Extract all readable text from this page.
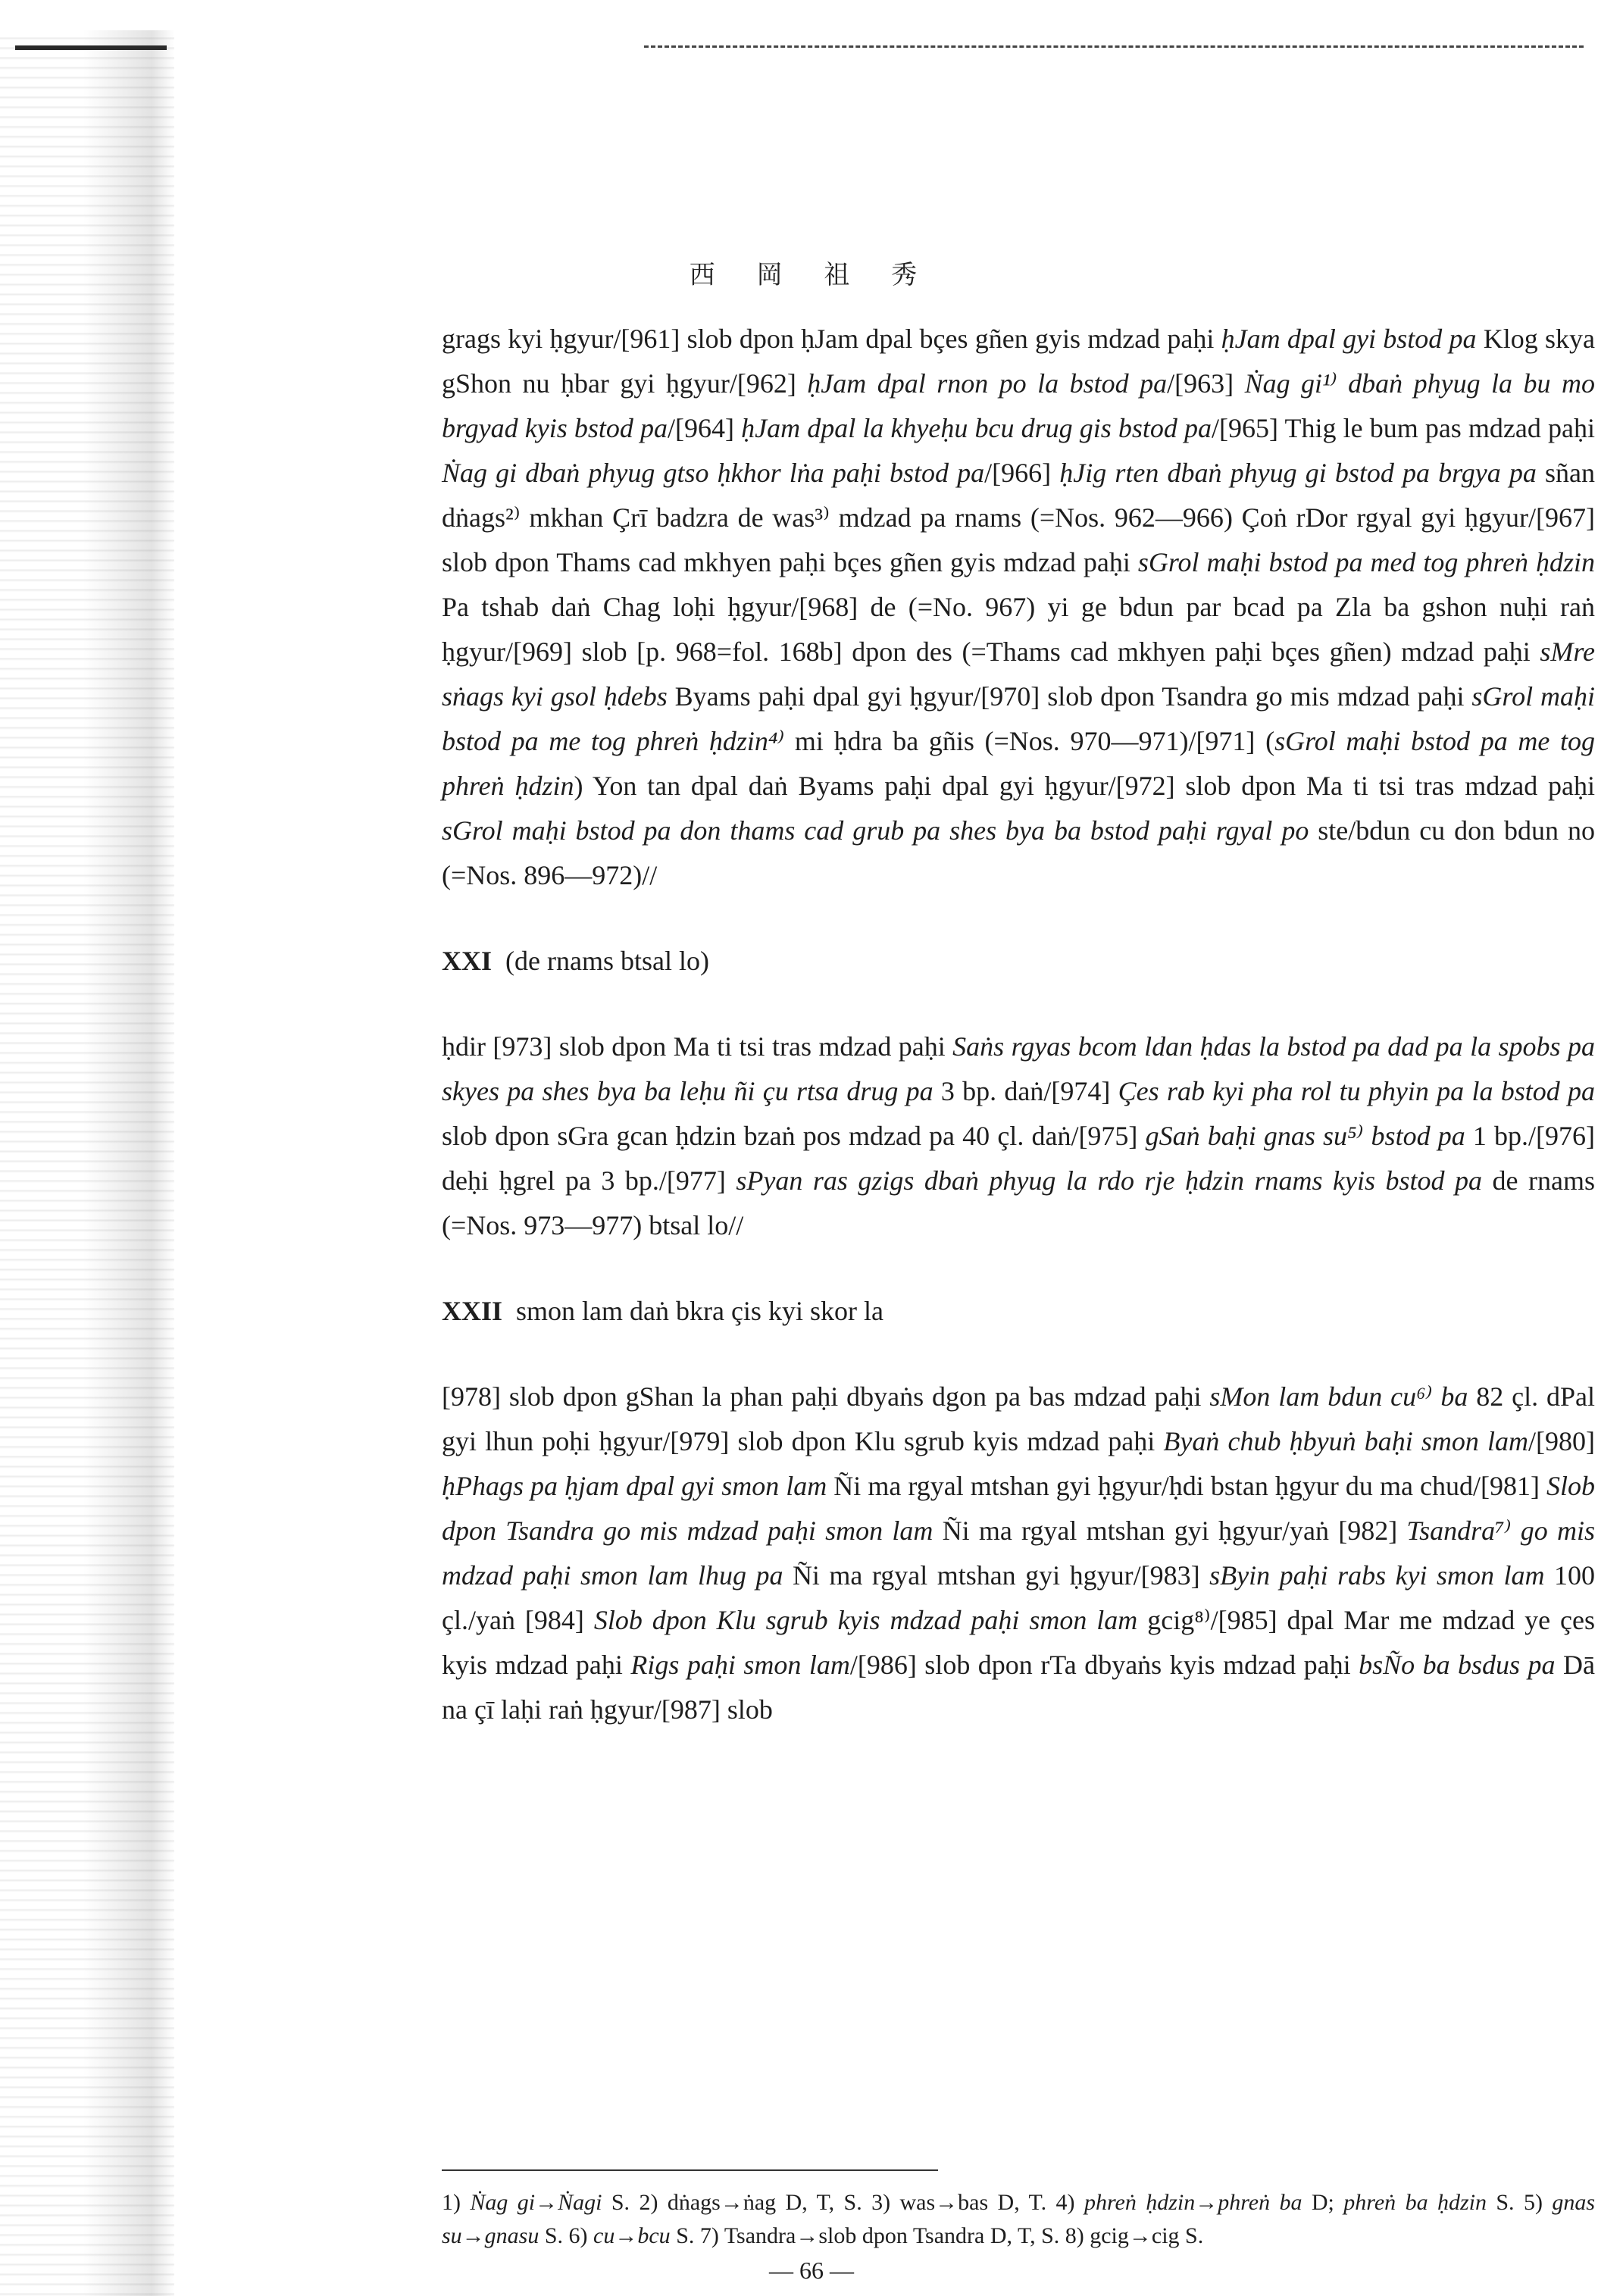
西 岡 祖 秀

grags kyi ḥgyur/[961] slob dpon ḥJam dpal bçes gñen gyis mdzad paḥi ḥJam dpal gyi bstod pa Klog skya gShon nu ḥbar gyi ḥgyur/[962] ḥJam dpal rnon po la bstod pa/[963] Ṅag gi¹⁾ dbaṅ phyug la bu mo brgyad kyis bstod pa/[964] ḥJam dpal la khyeḥu bcu drug gis bstod pa/[965] Thig le bum pas mdzad paḥi Ṅag gi dbaṅ phyug gtso ḥkhor lṅa paḥi bstod pa/[966] ḥJig rten dbaṅ phyug gi bstod pa brgya pa sñan dṅags²⁾ mkhan Çrī badzra de was³⁾ mdzad pa rnams (=Nos. 962—966) Çoṅ rDor rgyal gyi ḥgyur/[967] slob dpon Thams cad mkhyen paḥi bçes gñen gyis mdzad paḥi sGrol maḥi bstod pa med tog phreṅ ḥdzin Pa tshab daṅ Chag loḥi ḥgyur/[968] de (=No. 967) yi ge bdun par bcad pa Zla ba gshon nuḥi raṅ ḥgyur/[969] slob [p. 968=fol. 168b] dpon des (=Thams cad mkhyen paḥi bçes gñen) mdzad paḥi sMre sṅags kyi gsol ḥdebs Byams paḥi dpal gyi ḥgyur/[970] slob dpon Tsandra go mis mdzad paḥi sGrol maḥi bstod pa me tog phreṅ ḥdzin⁴⁾ mi ḥdra ba gñis (=Nos. 970—971)/[971] (sGrol maḥi bstod pa me tog phreṅ ḥdzin) Yon tan dpal daṅ Byams paḥi dpal gyi ḥgyur/[972] slob dpon Ma ti tsi tras mdzad paḥi sGrol maḥi bstod pa don thams cad grub pa shes bya ba bstod paḥi rgyal po ste/bdun cu don bdun no (=Nos. 896—972)//

XXI (de rnams btsal lo)

ḥdir [973] slob dpon Ma ti tsi tras mdzad paḥi Saṅs rgyas bcom ldan ḥdas la bstod pa dad pa la spobs pa skyes pa shes bya ba leḥu ñi çu rtsa drug pa 3 bp. daṅ/[974] Çes rab kyi pha rol tu phyin pa la bstod pa slob dpon sGra gcan ḥdzin bzaṅ pos mdzad pa 40 çl. daṅ/[975] gSaṅ baḥi gnas su⁵⁾ bstod pa 1 bp./[976] deḥi ḥgrel pa 3 bp./[977] sPyan ras gzigs dbaṅ phyug la rdo rje ḥdzin rnams kyis bstod pa de rnams (=Nos. 973—977) btsal lo//

XXII smon lam daṅ bkra çis kyi skor la

[978] slob dpon gShan la phan paḥi dbyaṅs dgon pa bas mdzad paḥi sMon lam bdun cu⁶⁾ ba 82 çl. dPal gyi lhun poḥi ḥgyur/[979] slob dpon Klu sgrub kyis mdzad paḥi Byaṅ chub ḥbyuṅ baḥi smon lam/[980] ḥPhags pa ḥjam dpal gyi smon lam Ñi ma rgyal mtshan gyi ḥgyur/ḥdi bstan ḥgyur du ma chud/[981] Slob dpon Tsandra go mis mdzad paḥi smon lam Ñi ma rgyal mtshan gyi ḥgyur/yaṅ [982] Tsandra⁷⁾ go mis mdzad paḥi smon lam lhug pa Ñi ma rgyal mtshan gyi ḥgyur/[983] sByin paḥi rabs kyi smon lam 100 çl./yaṅ [984] Slob dpon Klu sgrub kyis mdzad paḥi smon lam gcig⁸⁾/[985] dpal Mar me mdzad ye çes kyis mdzad paḥi Rigs paḥi smon lam/[986] slob dpon rTa dbyaṅs kyis mdzad paḥi bsÑo ba bsdus pa Dā na çī laḥi raṅ ḥgyur/[987] slob

1) Ṅag gi→Ṅagi S. 2) dṅags→ṅag D, T, S. 3) was→bas D, T. 4) phreṅ ḥdzin→phreṅ ba D; phreṅ ba ḥdzin S. 5) gnas su→gnasu S. 6) cu→bcu S. 7) Tsandra→slob dpon Tsandra D, T, S. 8) gcig→cig S.

— 66 —
